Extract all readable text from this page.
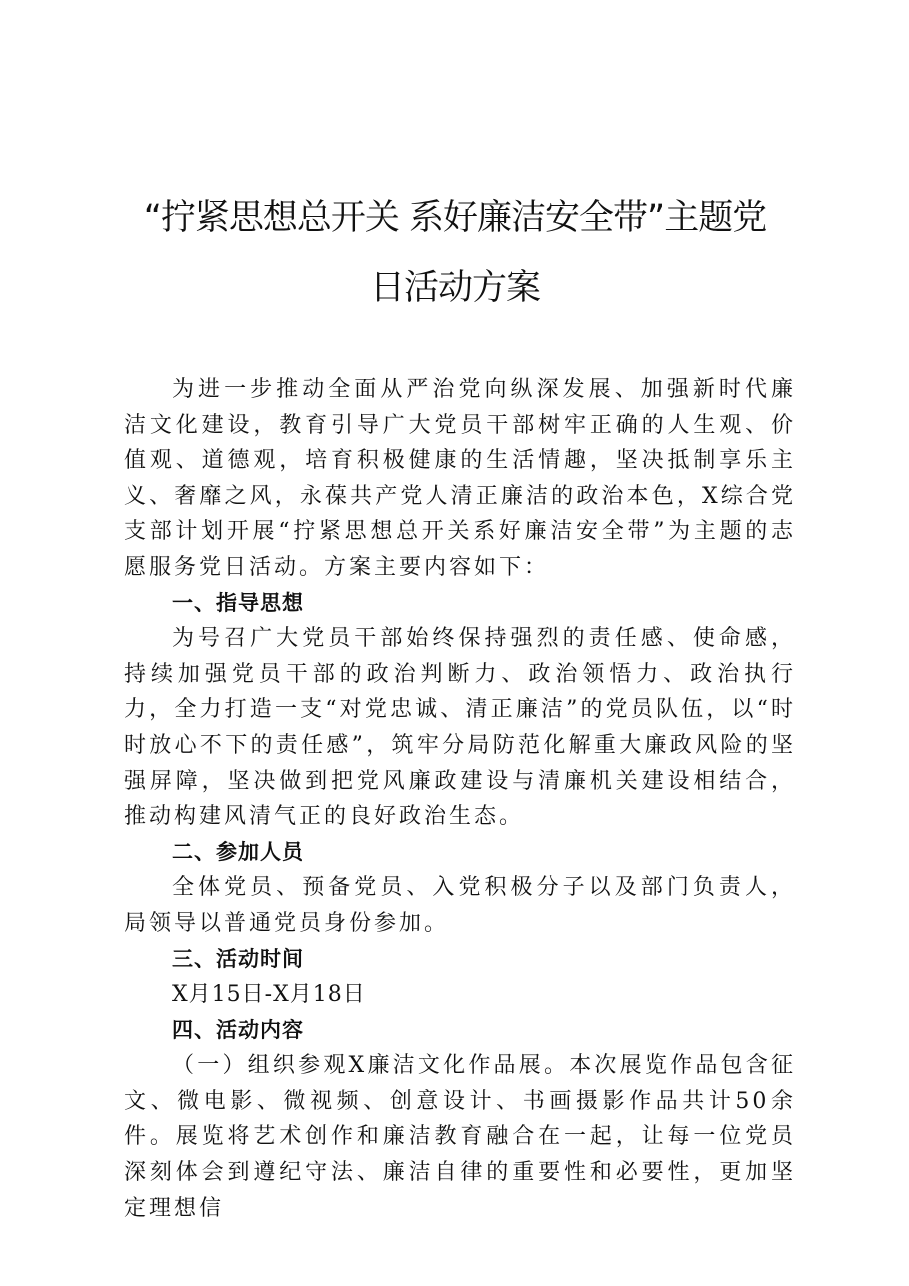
“拧紧思想总开关 系好廉洁安全带”主题党
日活动方案

为进一步推动全面从严治党向纵深发展、加强新时代廉洁文化建设，教育引导广大党员干部树牢正确的人生观、价值观、道德观，培育积极健康的生活情趣，坚决抵制享乐主义、奢靡之风，永葆共产党人清正廉洁的政治本色，X综合党支部计划开展“拧紧思想总开关系好廉洁安全带”为主题的志愿服务党日活动。方案主要内容如下：

一、指导思想

为号召广大党员干部始终保持强烈的责任感、使命感，持续加强党员干部的政治判断力、政治领悟力、政治执行力，全力打造一支“对党忠诚、清正廉洁”的党员队伍，以“时时放心不下的责任感”，筑牢分局防范化解重大廉政风险的坚强屏障，坚决做到把党风廉政建设与清廉机关建设相结合，推动构建风清气正的良好政治生态。

二、参加人员

全体党员、预备党员、入党积极分子以及部门负责人，局领导以普通党员身份参加。

三、活动时间

X月15日-X月18日

四、活动内容

（一）组织参观X廉洁文化作品展。本次展览作品包含征文、微电影、微视频、创意设计、书画摄影作品共计50余件。展览将艺术创作和廉洁教育融合在一起，让每一位党员深刻体会到遵纪守法、廉洁自律的重要性和必要性，更加坚定理想信
